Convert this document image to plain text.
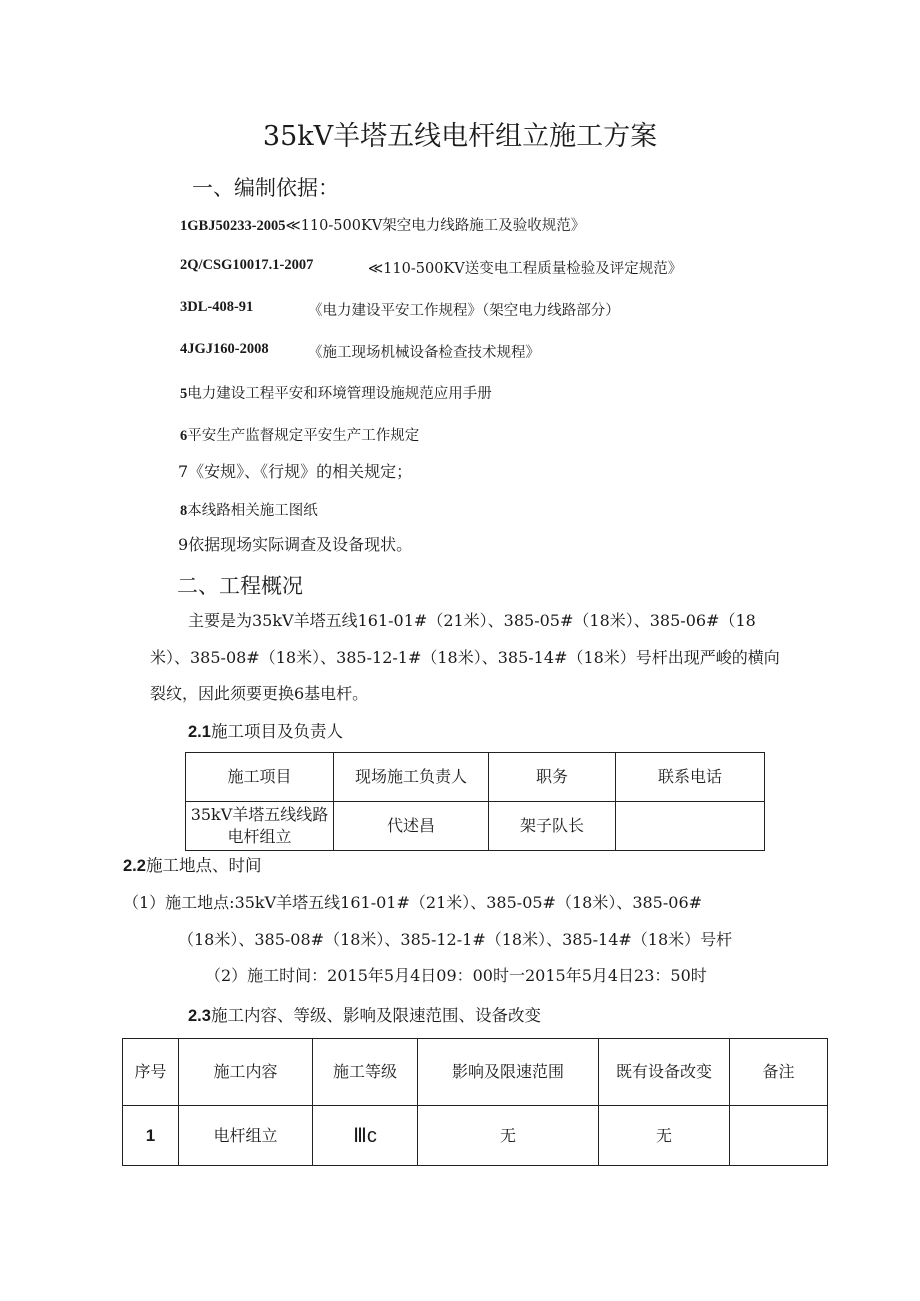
35kV羊塔五线电杆组立施工方案
一、编制依据：
1GBJ50233-2005≪110-500KV架空电力线路施工及验收规范》
2Q/CSG10017.1-2007	≪110-500KV送变电工程质量检验及评定规范》
3DL-408-91	《电力建设平安工作规程》（架空电力线路部分）
4JGJ160-2008	《施工现场机械设备检查技术规程》
5电力建设工程平安和环境管理设施规范应用手册
6平安生产监督规定平安生产工作规定
7《安规》、《行规》的相关规定；
8本线路相关施工图纸
9依据现场实际调查及设备现状。
二、工程概况
主要是为35kV羊塔五线161-01#（21米）、385-05#（18米）、385-06#（18
米）、385-08#（18米）、385-12-1#（18米）、385-14#（18米）号杆出现严峻的横向
裂纹，因此须要更换6基电杆。
2.1施工项目及负责人
施工项目	现场施工负责人	职务	联系电话

35kV羊塔五线线路
电杆组立	代述昌	架子队长	
2.2施工地点、时间
（1）施工地点:35kV羊塔五线161-01#（21米）、385-05#（18米）、385-06#
（18米）、385-08#（18米）、385-12-1#（18米）、385-14#（18米）号杆
（2）施工时间：2015年5月4日09：00时一2015年5月4日23：50时
2.3施工内容、等级、影响及限速范围、设备改变
序号	施工内容	施工等级	影响及限速范围	既有设备改变	备注
1	电杆组立	Ⅲc	无	无	
